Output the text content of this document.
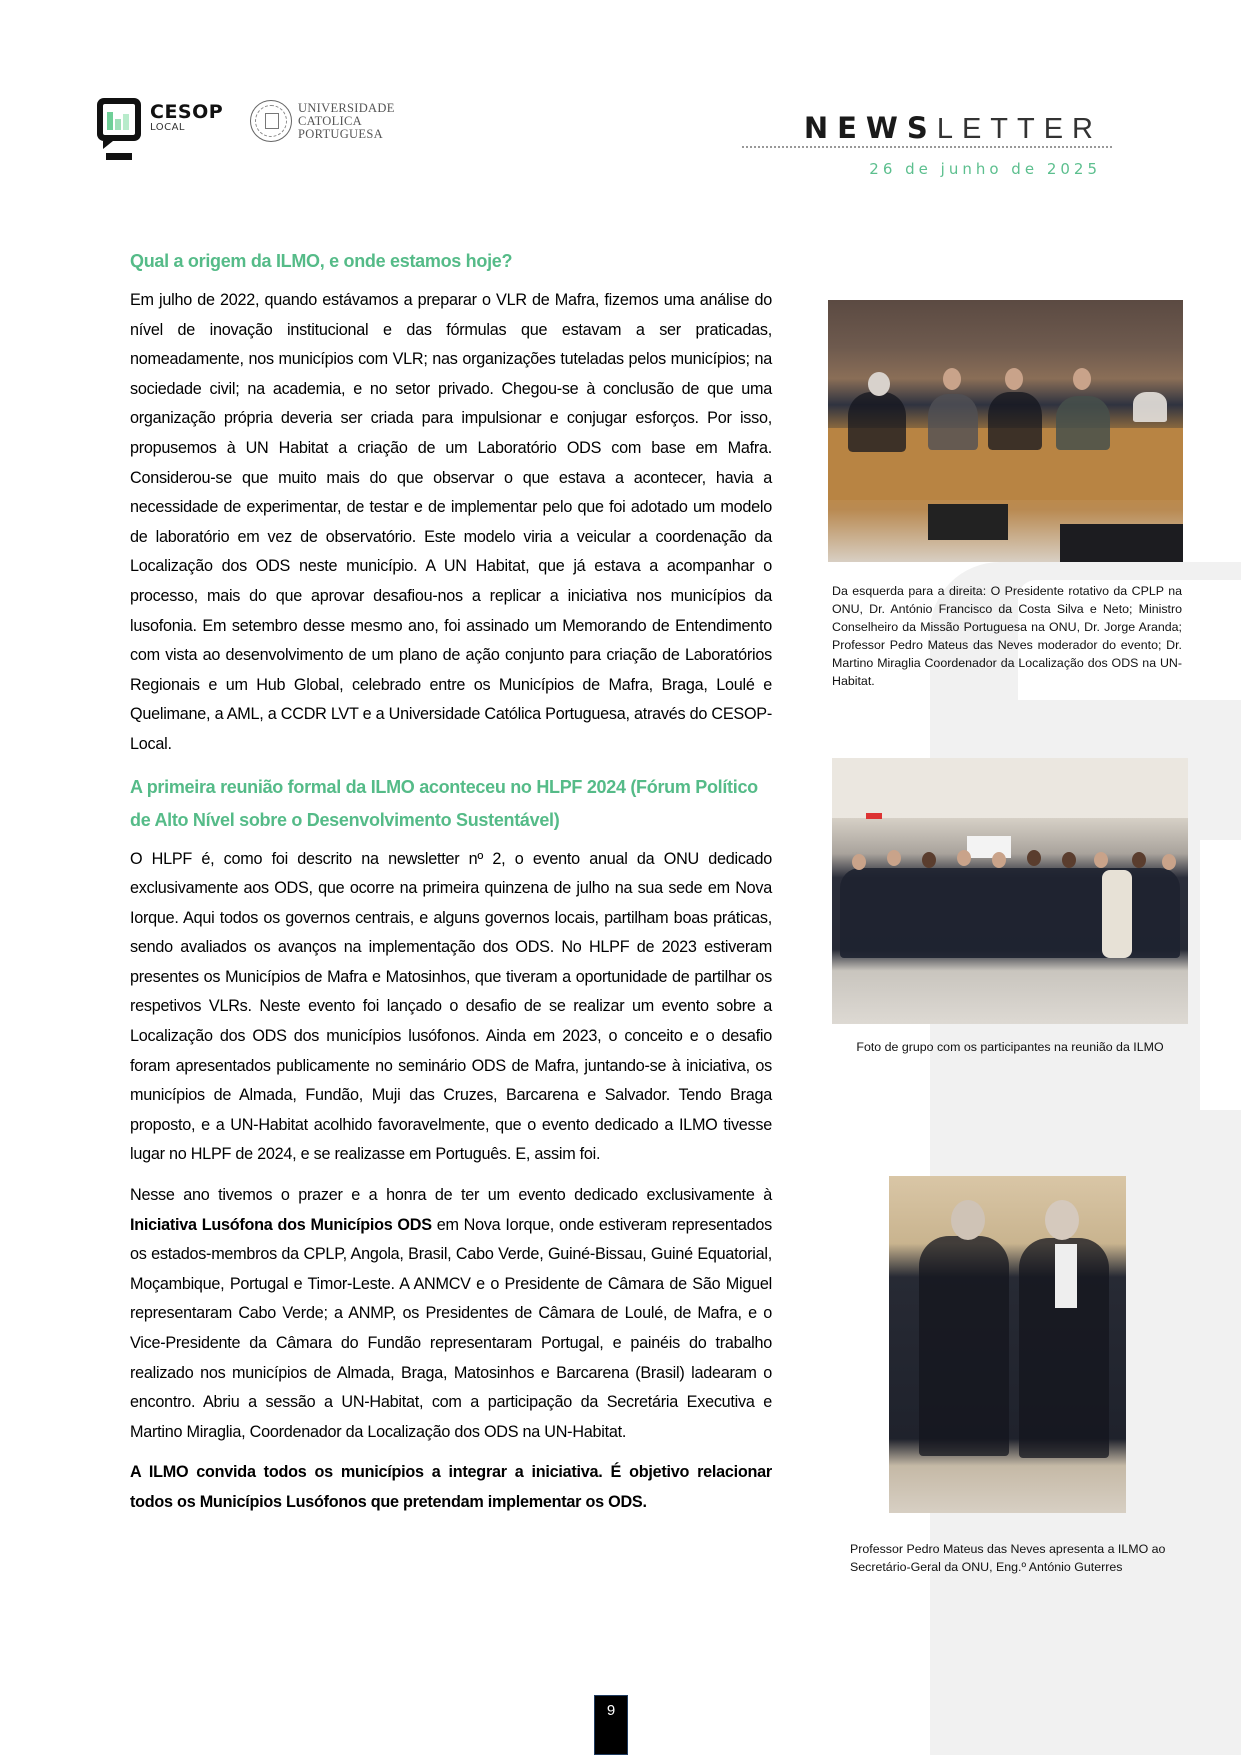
CESOP
LOCAL
UNIVERSIDADE
CATOLICA
PORTUGUESA	NEWSLETTER
26 de junho de 2025
Qual a origem da ILMO, e onde estamos hoje?

Em julho de 2022, quando estávamos a preparar o VLR de Mafra, fizemos uma análise do nível de inovação institucional e das fórmulas que estavam a ser praticadas, nomeadamente, nos municípios com VLR; nas organizações tuteladas pelos municípios; na sociedade civil; na academia, e no setor privado. Chegou-se à conclusão de que uma organização própria deveria ser criada para impulsionar e conjugar esforços. Por isso, propusemos à UN Habitat a criação de um Laboratório ODS com base em Mafra. Considerou-se que muito mais do que observar o que estava a acontecer, havia a necessidade de experimentar, de testar e de implementar pelo que foi adotado um modelo de laboratório em vez de observatório. Este modelo viria a veicular a coordenação da Localização dos ODS neste município. A UN Habitat, que já estava a acompanhar o processo, mais do que aprovar desafiou-nos a replicar a iniciativa nos municípios da lusofonia. Em setembro desse mesmo ano, foi assinado um Memorando de Entendimento com vista ao desenvolvimento de um plano de ação conjunto para criação de Laboratórios Regionais e um Hub Global, celebrado entre os Municípios de Mafra, Braga, Loulé e Quelimane, a AML, a CCDR LVT e a Universidade Católica Portuguesa, através do CESOP-Local.

A primeira reunião formal da ILMO aconteceu no HLPF 2024 (Fórum Político de Alto Nível sobre o Desenvolvimento Sustentável)

O HLPF é, como foi descrito na newsletter nº 2, o evento anual da ONU dedicado exclusivamente aos ODS, que ocorre na primeira quinzena de julho na sua sede em Nova Iorque. Aqui todos os governos centrais, e alguns governos locais, partilham boas práticas, sendo avaliados os avanços na implementação dos ODS. No HLPF de 2023 estiveram presentes os Municípios de Mafra e Matosinhos, que tiveram a oportunidade de partilhar os respetivos VLRs. Neste evento foi lançado o desafio de se realizar um evento sobre a Localização dos ODS dos municípios lusófonos. Ainda em 2023, o conceito e o desafio foram apresentados publicamente no seminário ODS de Mafra, juntando-se à iniciativa, os municípios de Almada, Fundão, Muji das Cruzes, Barcarena e Salvador. Tendo Braga proposto, e a UN-Habitat acolhido favoravelmente, que o evento dedicado a ILMO tivesse lugar no HLPF de 2024, e se realizasse em Português. E, assim foi.

Nesse ano tivemos o prazer e a honra de ter um evento dedicado exclusivamente à Iniciativa Lusófona dos Municípios ODS em Nova Iorque, onde estiveram representados os estados-membros da CPLP, Angola, Brasil, Cabo Verde, Guiné-Bissau, Guiné Equatorial, Moçambique, Portugal e Timor-Leste. A ANMCV e o Presidente de Câmara de São Miguel representaram Cabo Verde; a ANMP, os Presidentes de Câmara de Loulé, de Mafra, e o Vice-Presidente da Câmara do Fundão representaram Portugal, e painéis do trabalho realizado nos municípios de Almada, Braga, Matosinhos e Barcarena (Brasil) ladearam o encontro. Abriu a sessão a UN-Habitat, com a participação da Secretária Executiva e Martino Miraglia, Coordenador da Localização dos ODS na UN-Habitat.

A ILMO convida todos os municípios a integrar a iniciativa. É objetivo relacionar todos os Municípios Lusófonos que pretendam implementar os ODS.

Da esquerda para a direita: O Presidente rotativo da CPLP na ONU, Dr. António Francisco da Costa Silva e Neto; Ministro Conselheiro da Missão Portuguesa na ONU, Dr. Jorge Aranda; Professor Pedro Mateus das Neves moderador do evento; Dr. Martino Miraglia Coordenador da Localização dos ODS na UN-Habitat.
Foto de grupo com os participantes na reunião da ILMO
Professor Pedro Mateus das Neves apresenta a ILMO ao Secretário-Geral da ONU, Eng.º António Guterres
9
